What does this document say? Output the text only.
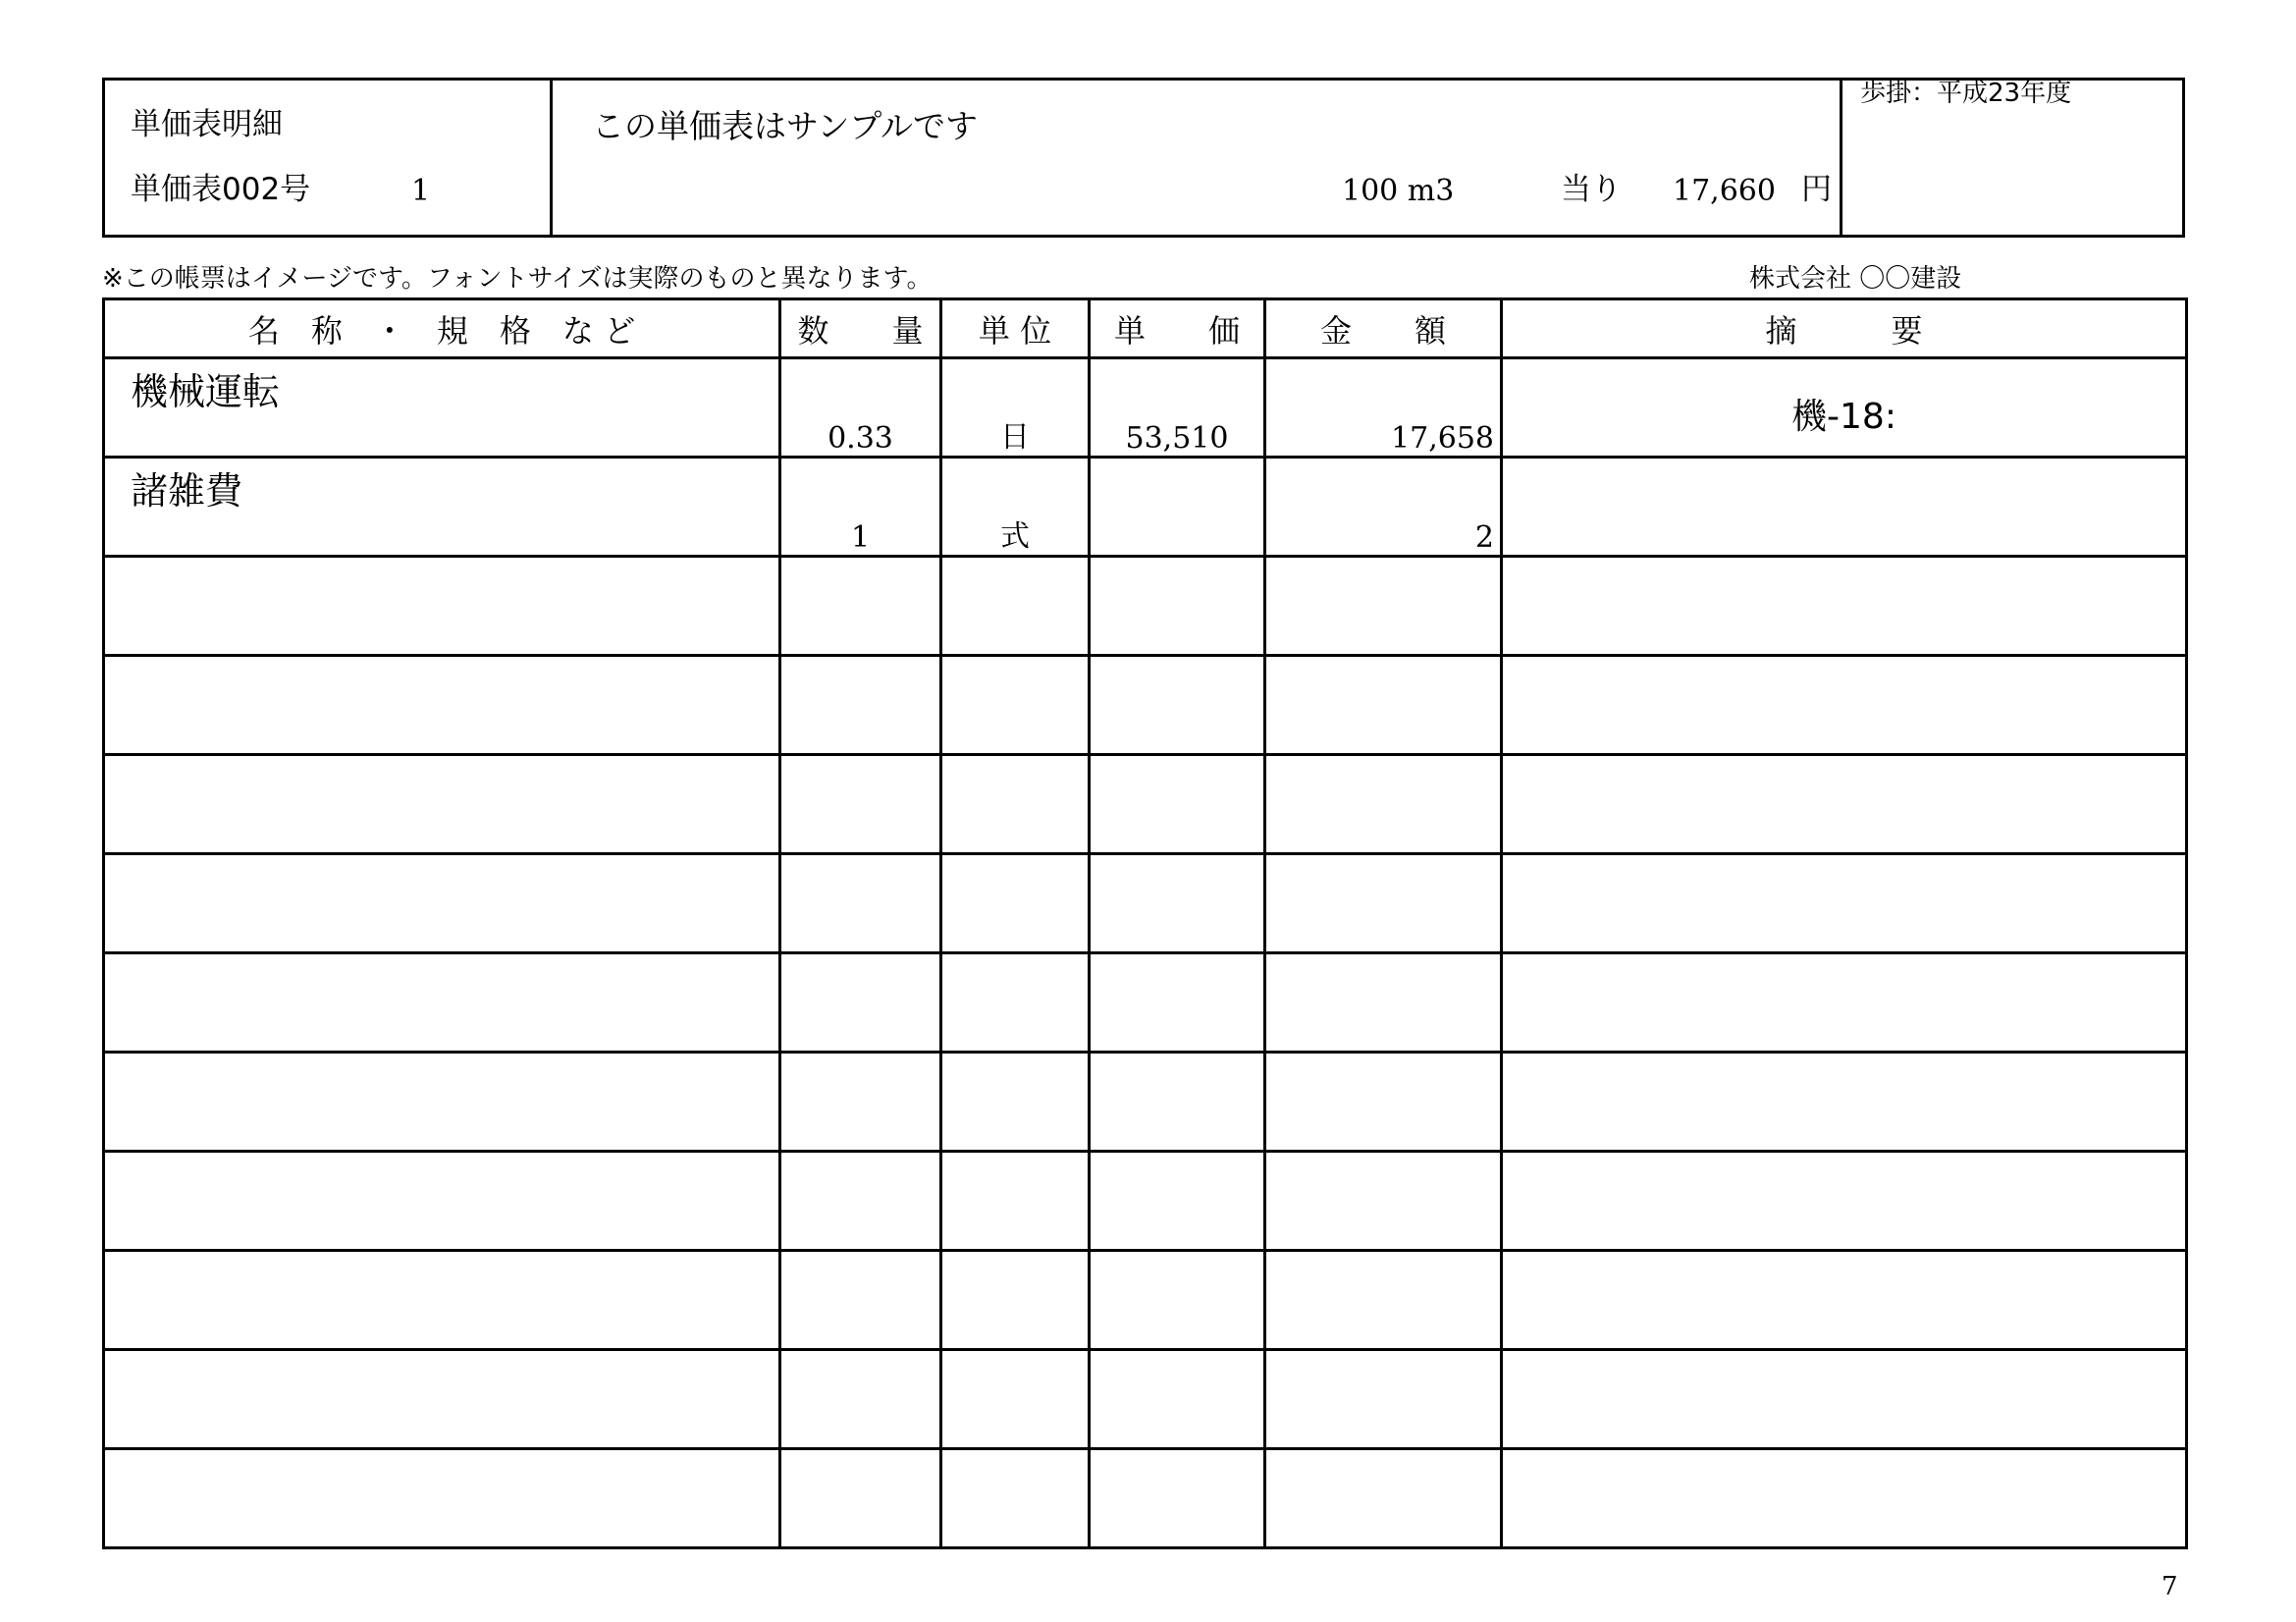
単価表明細
単価表002号	1
この単価表はサンプルです
100 m3	当り 17,660 円
歩掛：平成23年度
※この帳票はイメージです。フォントサイズは実際のものと異なります。	株式会社 〇〇建設
名　称　・　規　格　な ど	数　　量	単 位	単　　価	金　　額	摘　　　要

機械運転	0.33	日	53,510	17,658	機-18:

諸雑費	1	式		2	

7
